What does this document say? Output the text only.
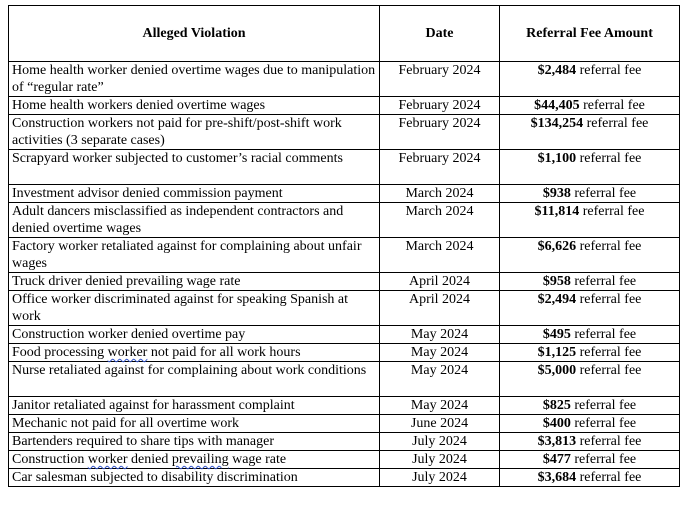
Alleged Violation	Date	Referral Fee Amount
Home health worker denied overtime wages due to manipulation of “regular rate”	February 2024	$2,484 referral fee
Home health workers denied overtime wages	February 2024	$44,405 referral fee
Construction workers not paid for pre-shift/post-shift work activities (3 separate cases)	February 2024	$134,254 referral fee
Scrapyard worker subjected to customer’s racial comments	February 2024	$1,100 referral fee
Investment advisor denied commission payment	March 2024	$938 referral fee
Adult dancers misclassified as independent contractors and denied overtime wages	March 2024	$11,814 referral fee
Factory worker retaliated against for complaining about unfair wages	March 2024	$6,626 referral fee
Truck driver denied prevailing wage rate	April 2024	$958 referral fee
Office worker discriminated against for speaking Spanish at work	April 2024	$2,494 referral fee
Construction worker denied overtime pay	May 2024	$495 referral fee
Food processing worker not paid for all work hours	May 2024	$1,125 referral fee
Nurse retaliated against for complaining about work conditions	May 2024	$5,000 referral fee
Janitor retaliated against for harassment complaint	May 2024	$825 referral fee
Mechanic not paid for all overtime work	June 2024	$400 referral fee
Bartenders required to share tips with manager	July 2024	$3,813 referral fee
Construction worker denied prevailing wage rate	July 2024	$477 referral fee
Car salesman subjected to disability discrimination	July 2024	$3,684 referral fee
